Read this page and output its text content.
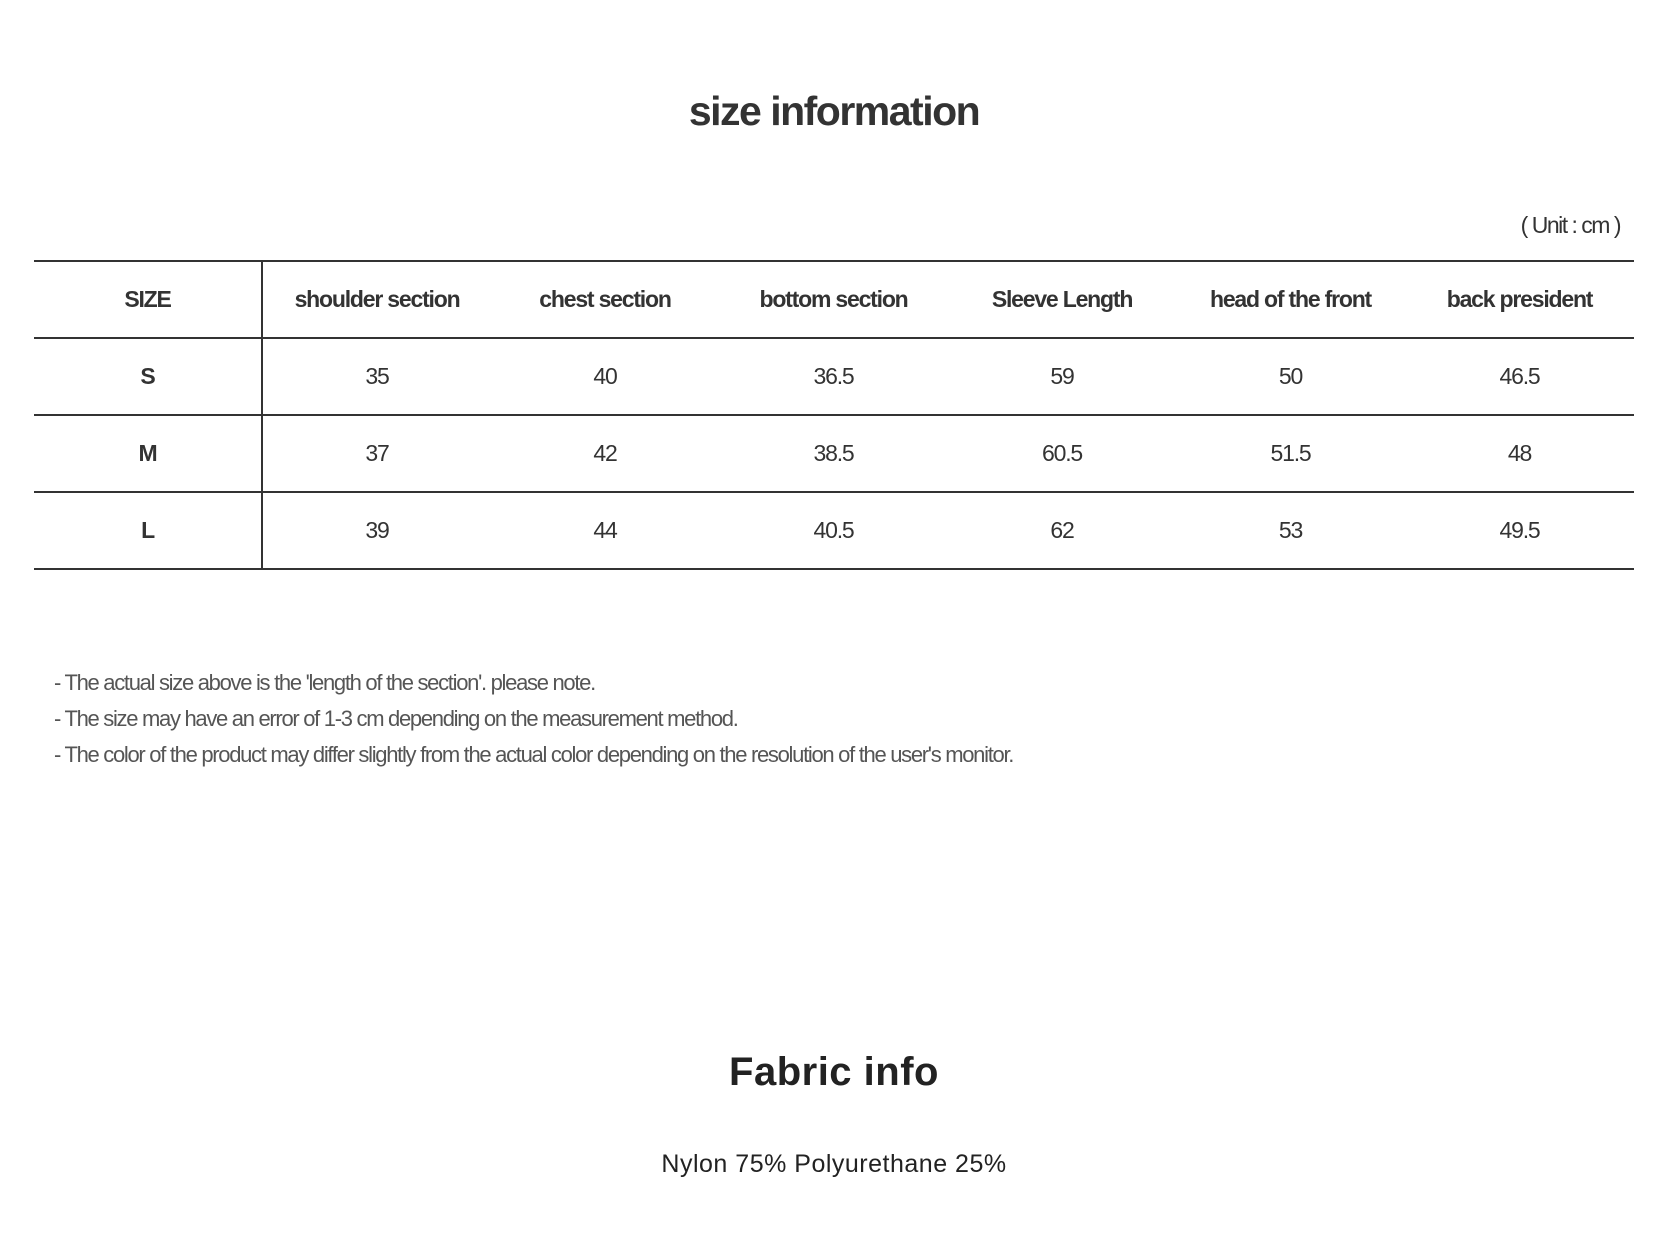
size information
( Unit : cm )
SIZE	shoulder section	chest section	bottom section	Sleeve Length	head of the front	back president
S	35	40	36.5	59	50	46.5
M	37	42	38.5	60.5	51.5	48
L	39	44	40.5	62	53	49.5
- The actual size above is the 'length of the section'. please note.
- The size may have an error of 1-3 cm depending on the measurement method.
- The color of the product may differ slightly from the actual color depending on the resolution of the user's monitor.
Fabric info
Nylon 75% Polyurethane 25%
